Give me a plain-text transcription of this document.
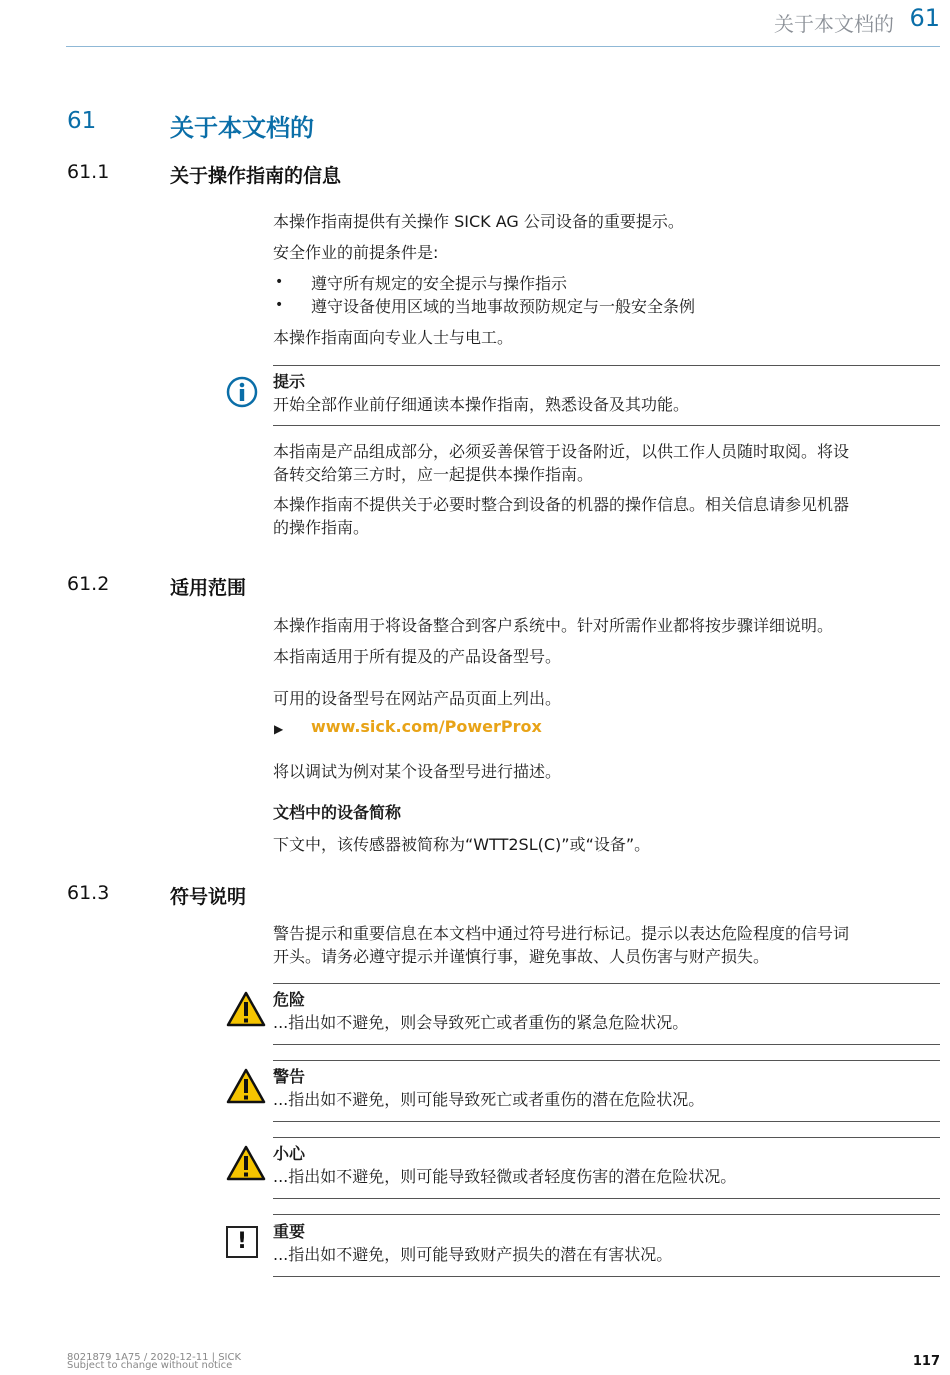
关于本文档的 61
61	关于本文档的
61.1	关于操作指南的信息
本操作指南提供有关操作 SICK AG 公司设备的重要提示。
安全作业的前提条件是:
• 遵守所有规定的安全提示与操作指示
• 遵守设备使用区域的当地事故预防规定与一般安全条例
本操作指南面向专业人士与电工。
提示
开始全部作业前仔细通读本操作指南，熟悉设备及其功能。
本指南是产品组成部分，必须妥善保管于设备附近，以供工作人员随时取阅。将设
备转交给第三方时，应一起提供本操作指南。
本操作指南不提供关于必要时整合到设备的机器的操作信息。相关信息请参见机器
的操作指南。
61.2	适用范围
本操作指南用于将设备整合到客户系统中。针对所需作业都将按步骤详细说明。
本指南适用于所有提及的产品设备型号。
可用的设备型号在网站产品页面上列出。
▶ www.sick.com/PowerProx
将以调试为例对某个设备型号进行描述。
文档中的设备简称
下文中，该传感器被简称为“WTT2SL(C)”或“设备”。
61.3	符号说明
警告提示和重要信息在本文档中通过符号进行标记。提示以表达危险程度的信号词
开头。请务必遵守提示并谨慎行事，避免事故、人员伤害与财产损失。
危险
...指出如不避免，则会导致死亡或者重伤的紧急危险状况。
警告
...指出如不避免，则可能导致死亡或者重伤的潜在危险状况。
小心
...指出如不避免，则可能导致轻微或者轻度伤害的潜在危险状况。
!	重要
...指出如不避免，则可能导致财产损失的潜在有害状况。
8021879 1A75 / 2020-12-11 | SICK
Subject to change without notice	117
